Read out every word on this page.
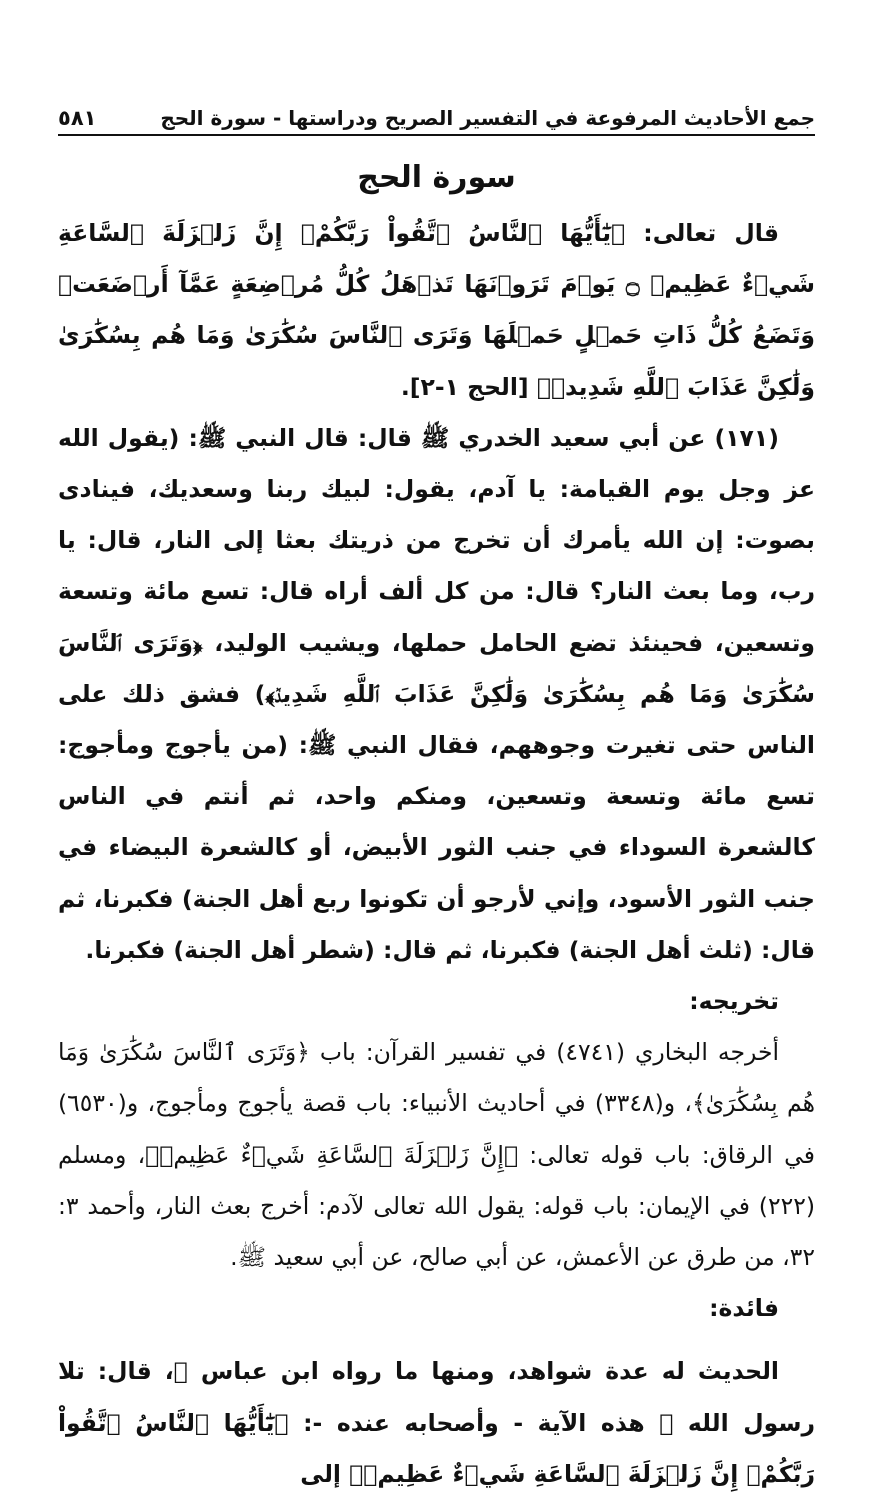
جمع الأحاديث المرفوعة في التفسير الصريح ودراستها - سورة الحج
٥٨١
سورة الحج

قال تعالى: ﴿يَٰٓأَيُّهَا ٱلنَّاسُ ٱتَّقُواْ رَبَّكُمْۚ إِنَّ زَلۡزَلَةَ ٱلسَّاعَةِ شَيۡءٌ عَظِيمٞ ۝ يَوۡمَ تَرَوۡنَهَا تَذۡهَلُ كُلُّ مُرۡضِعَةٍ عَمَّآ أَرۡضَعَتۡ وَتَضَعُ كُلُّ ذَاتِ حَمۡلٍ حَمۡلَهَا وَتَرَى ٱلنَّاسَ سُكَٰرَىٰ وَمَا هُم بِسُكَٰرَىٰ وَلَٰكِنَّ عَذَابَ ٱللَّهِ شَدِيدٞ﴾ [الحج ١-٢].

(١٧١) عن أبي سعيد الخدري ﷺ قال: قال النبي ﷺ: (يقول الله عز وجل يوم القيامة: يا آدم، يقول: لبيك ربنا وسعديك، فينادى بصوت: إن الله يأمرك أن تخرج من ذريتك بعثا إلى النار، قال: يا رب، وما بعث النار؟ قال: من كل ألف أراه قال: تسع مائة وتسعة وتسعين، فحينئذ تضع الحامل حملها، ويشيب الوليد، ﴿وَتَرَى ٱلنَّاسَ سُكَٰرَىٰ وَمَا هُم بِسُكَٰرَىٰ وَلَٰكِنَّ عَذَابَ ٱللَّهِ شَدِيدٞ﴾) فشق ذلك على الناس حتى تغيرت وجوههم، فقال النبي ﷺ: (من يأجوج ومأجوج: تسع مائة وتسعة وتسعين، ومنكم واحد، ثم أنتم في الناس كالشعرة السوداء في جنب الثور الأبيض، أو كالشعرة البيضاء في جنب الثور الأسود، وإني لأرجو أن تكونوا ربع أهل الجنة) فكبرنا، ثم قال: (ثلث أهل الجنة) فكبرنا، ثم قال: (شطر أهل الجنة) فكبرنا.

تخريجه:

أخرجه البخاري (٤٧٤١) في تفسير القرآن: باب ﴿وَتَرَى ٱلنَّاسَ سُكَٰرَىٰ وَمَا هُم بِسُكَٰرَىٰ﴾، و(٣٣٤٨) في أحاديث الأنبياء: باب قصة يأجوج ومأجوج، و(٦٥٣٠) في الرقاق: باب قوله تعالى: ﴿إِنَّ زَلۡزَلَةَ ٱلسَّاعَةِ شَيۡءٌ عَظِيمٞ﴾، ومسلم (٢٢٢) في الإيمان: باب قوله: يقول الله تعالى لآدم: أخرج بعث النار، وأحمد ٣: ٣٢، من طرق عن الأعمش، عن أبي صالح، عن أبي سعيد ﷺ.

فائدة:

الحديث له عدة شواهد، ومنها ما رواه ابن عباس ﷺ، قال: تلا رسول الله ﷺ هذه الآية - وأصحابه عنده -: ﴿يَٰٓأَيُّهَا ٱلنَّاسُ ٱتَّقُواْ رَبَّكُمْۚ إِنَّ زَلۡزَلَةَ ٱلسَّاعَةِ شَيۡءٌ عَظِيمٞ﴾ إلى
